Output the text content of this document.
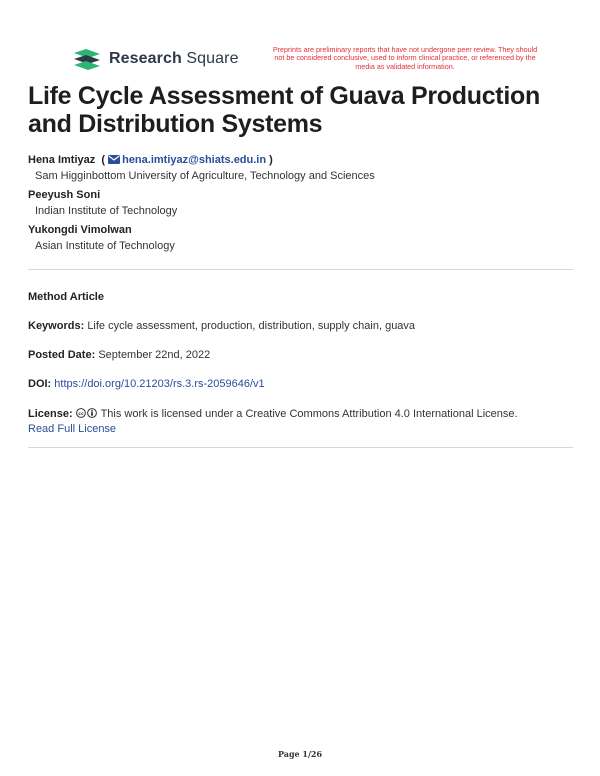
Research Square
Preprints are preliminary reports that have not undergone peer review. They should not be considered conclusive, used to inform clinical practice, or referenced by the media as validated information.
Life Cycle Assessment of Guava Production and Distribution Systems
Hena Imtiyaz  ( hena.imtiyaz@shiats.edu.in )
Sam Higginbottom University of Agriculture, Technology and Sciences
Peeyush Soni
Indian Institute of Technology
Yukongdi Vimolwan
Asian Institute of Technology
Method Article
Keywords: Life cycle assessment, production, distribution, supply chain, guava
Posted Date: September 22nd, 2022
DOI: https://doi.org/10.21203/rs.3.rs-2059646/v1
License: cc This work is licensed under a Creative Commons Attribution 4.0 International License.
Read Full License
Page 1/26
